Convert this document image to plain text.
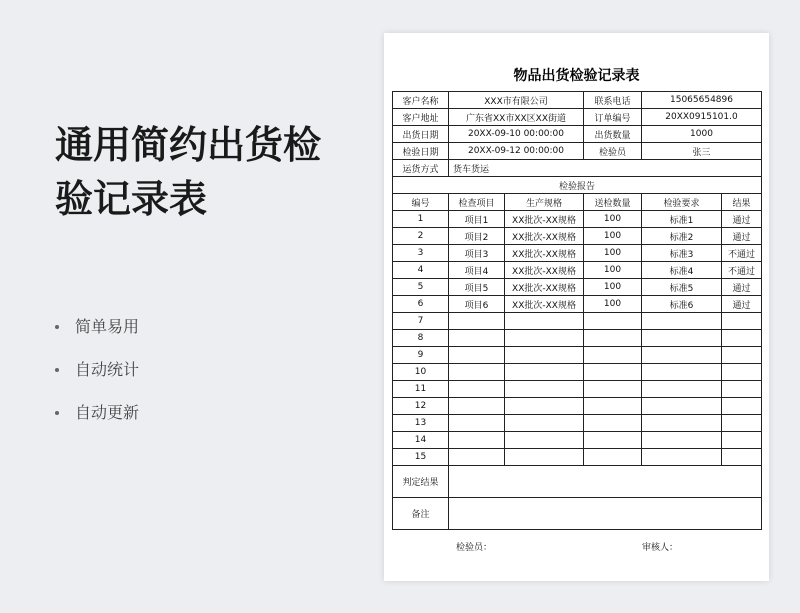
通用简约出货检验记录表
简单易用
自动统计
自动更新
物品出货检验记录表
客户名称	XXX市有限公司		联系电话	15065654896	
客户地址	广东省XX市XX区XX街道		订单编号	20XX0915101.0	
出货日期	20XX-09-10 00:00:00		出货数量	1000	
检验日期	20XX-09-12 00:00:00		检验员	张三	
运货方式	货车货运				
检验报告					
编号	检查项目	生产规格	送检数量	检验要求	结果
1	项目1	XX批次-XX规格	100	标准1	通过
2	项目2	XX批次-XX规格	100	标准2	通过
3	项目3	XX批次-XX规格	100	标准3	不通过
4	项目4	XX批次-XX规格	100	标准4	不通过
5	项目5	XX批次-XX规格	100	标准5	通过
6	项目6	XX批次-XX规格	100	标准6	通过
7					
8					
9					
10					
11					
12					
13					
14					
15					
判定结果					
备注					
检验员：	审核人：
